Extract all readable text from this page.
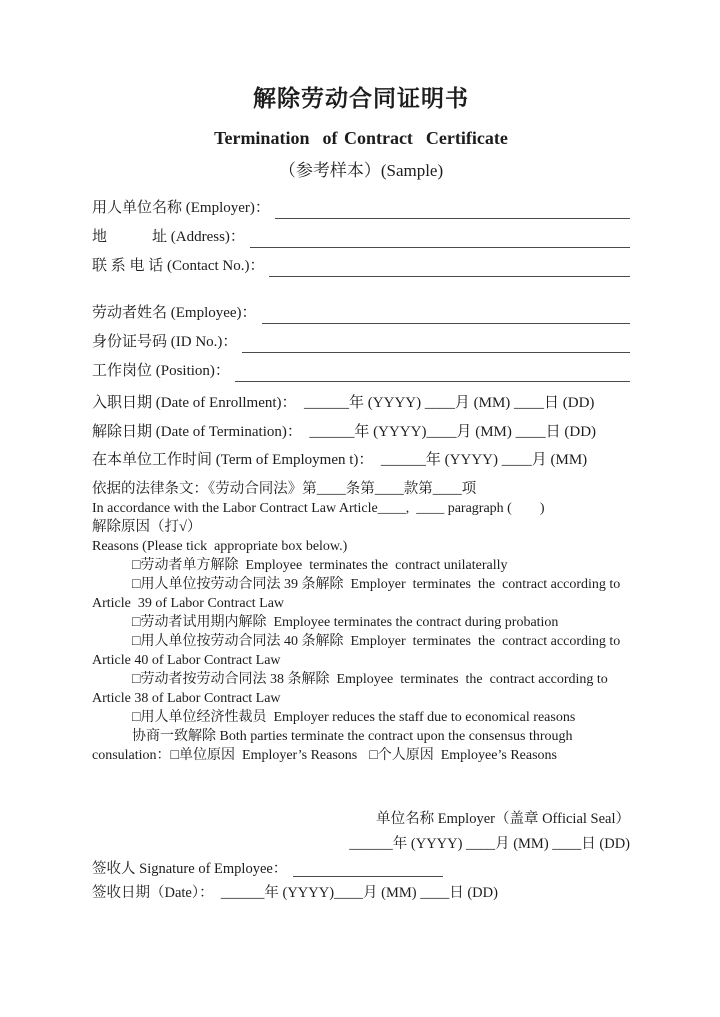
解除劳动合同证明书
Termination  of Contract  Certificate
（参考样本）(Sample)
用人单位名称 (Employer)：
地　　　址 (Address)：
联 系 电 话 (Contact No.)：
劳动者姓名 (Employee)：
身份证号码 (ID No.)：
工作岗位 (Position)：
入职日期 (Date of Enrollment)：　______年 (YYYY) ____月 (MM) ____日 (DD)
解除日期 (Date of Termination)：　______年 (YYYY)____月 (MM) ____日 (DD)
在本单位工作时间 (Term of Employmen t)：　______年 (YYYY) ____月 (MM)
依据的法律条文：《劳动合同法》第____条第____款第____项
In accordance with the Labor Contract Law Article____,  ____ paragraph (　　)
解除原因（打√）
Reasons (Please tick  appropriate box below.)
□劳动者单方解除  Employee  terminates the  contract unilaterally
□用人单位按劳动合同法 39 条解除  Employer  terminates  the  contract according to  Article  39 of Labor Contract Law
□劳动者试用期内解除  Employee terminates the contract during probation
□用人单位按劳动合同法 40 条解除  Employer  terminates  the  contract according to  Article 40 of Labor Contract Law
□劳动者按劳动合同法 38 条解除  Employee  terminates  the  contract according to  Article 38 of Labor Contract Law
□用人单位经济性裁员  Employer reduces the staff due to economical reasons
协商一致解除 Both parties terminate the contract upon the consensus through consulation：□单位原因  Employer’s Reasons □个人原因  Employee’s Reasons
单位名称 Employer（盖章 Official Seal）
______年 (YYYY) ____月 (MM) ____日 (DD)
签收人 Signature of Employee：
签收日期（Date）：　______年 (YYYY)____月 (MM) ____日 (DD)
